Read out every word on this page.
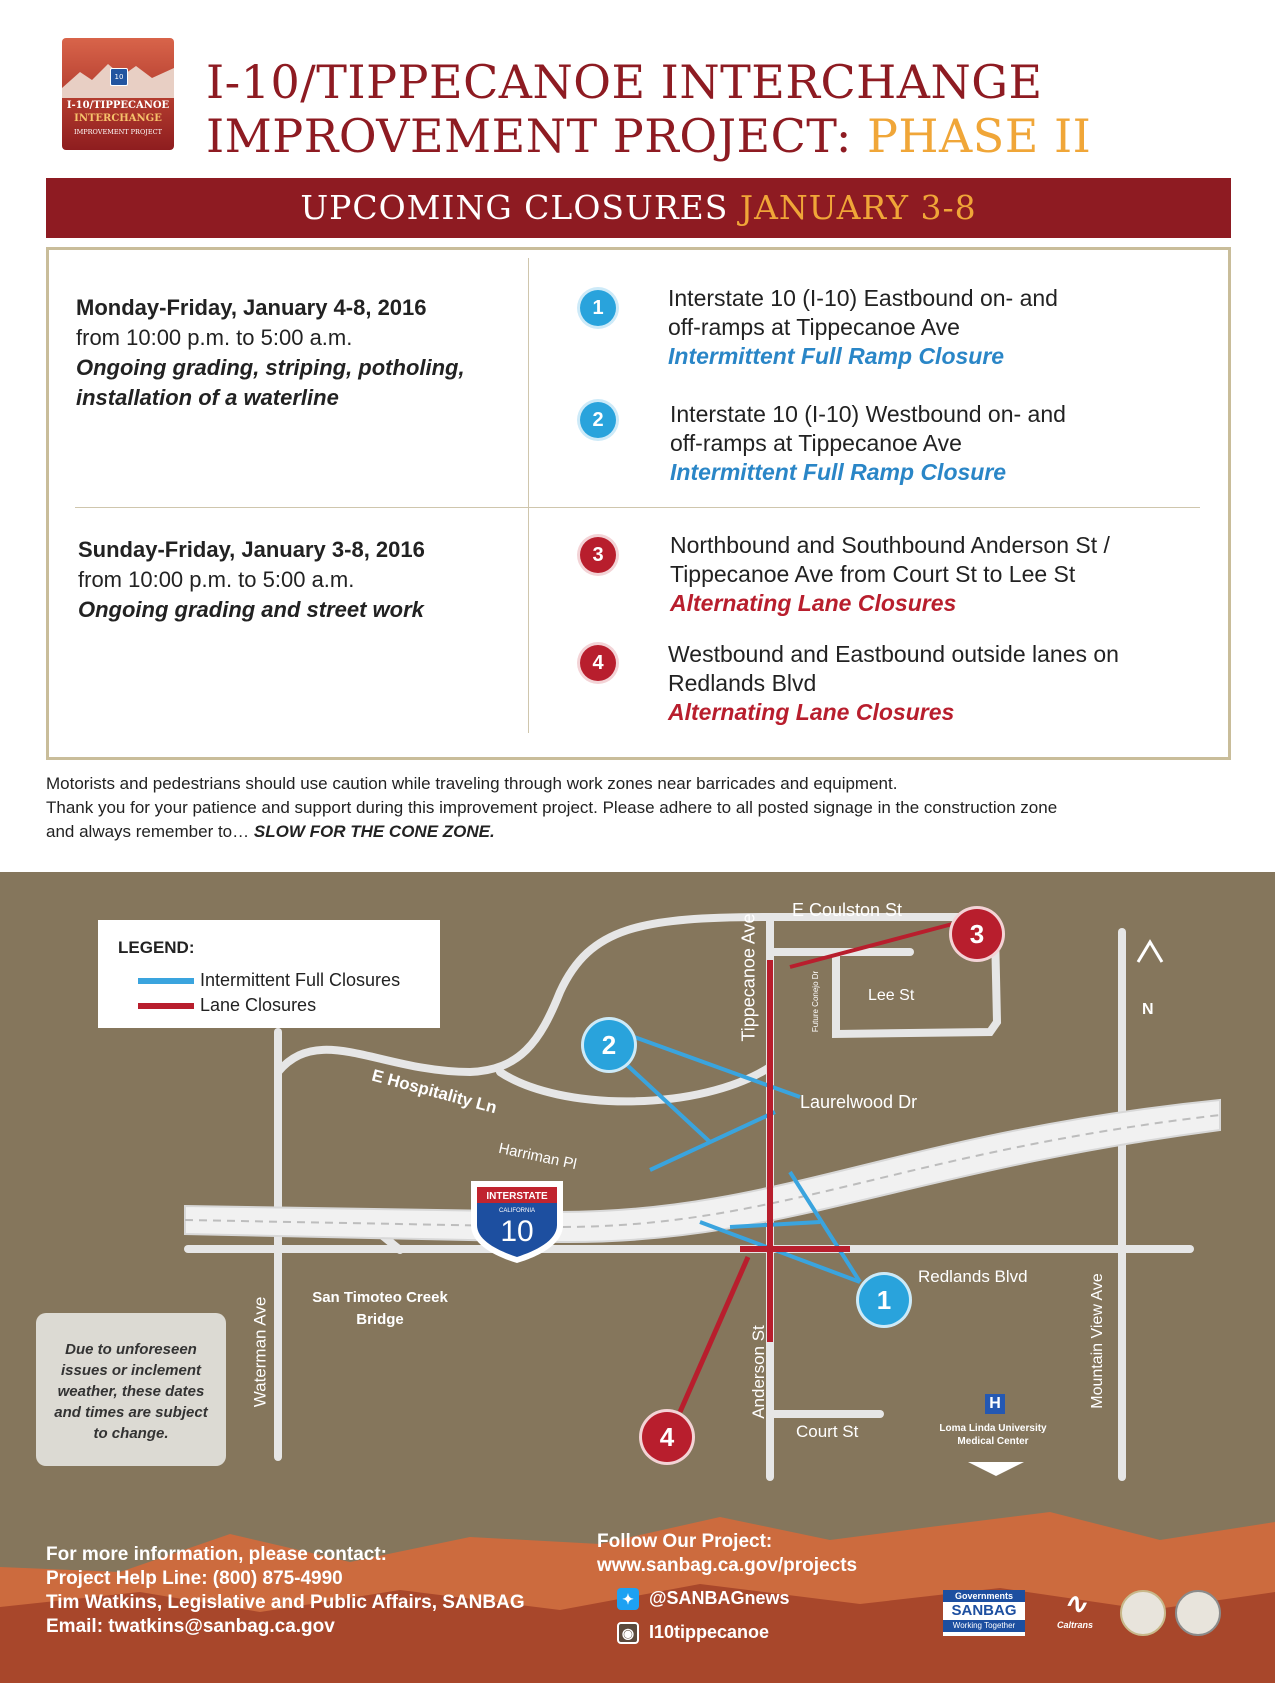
10
I-10/TIPPECANOE
INTERCHANGE
IMPROVEMENT PROJECT
I-10/TIPPECANOE INTERCHANGE
IMPROVEMENT PROJECT: PHASE II
UPCOMING CLOSURES JANUARY 3-8
Monday-Friday, January 4-8, 2016
from 10:00 p.m. to 5:00 a.m.
Ongoing grading, striping, potholing,
installation of a waterline
Sunday-Friday, January 3-8, 2016
from 10:00 p.m. to 5:00 a.m.
Ongoing grading and street work
1	Interstate 10 (I-10) Eastbound on- and
off-ramps at Tippecanoe Ave
Intermittent Full Ramp Closure
2	Interstate 10 (I-10) Westbound on- and
off-ramps at Tippecanoe Ave
Intermittent Full Ramp Closure
3	Northbound and Southbound Anderson St /
Tippecanoe Ave from Court St to Lee St
Alternating Lane Closures
4	Westbound and Eastbound outside lanes on
Redlands Blvd
Alternating Lane Closures
Motorists and pedestrians should use caution while traveling through work zones near barricades and equipment.
Thank you for your patience and support during this improvement project. Please adhere to all posted signage in the construction zone
and always remember to… SLOW FOR THE CONE ZONE.
INTERSTATE
CALIFORNIA
10
N
2
1
3
4
E Coulston St
Lee St
Tippecanoe Ave
Laurelwood Dr
E Hospitality Ln
Harriman Pl
Redlands Blvd
Waterman Ave	Anderson St
Court St
Mountain View Ave
Future Conejo Dr
San Timoteo Creek
Bridge
H
Loma Linda University
Medical Center
LEGEND:
Intermittent Full Closures
Lane Closures
Due to unforeseen issues or inclement weather, these dates and times are subject to change.
For more information, please contact:
Project Help Line: (800) 875-4990
Tim Watkins, Legislative and Public Affairs, SANBAG
Email: twatkins@sanbag.ca.gov
Follow Our Project:
www.sanbag.ca.gov/projects
✦ @SANBAGnews
◉ I10tippecanoe
Governments
SANBAG
Working Together
∿
Caltrans
